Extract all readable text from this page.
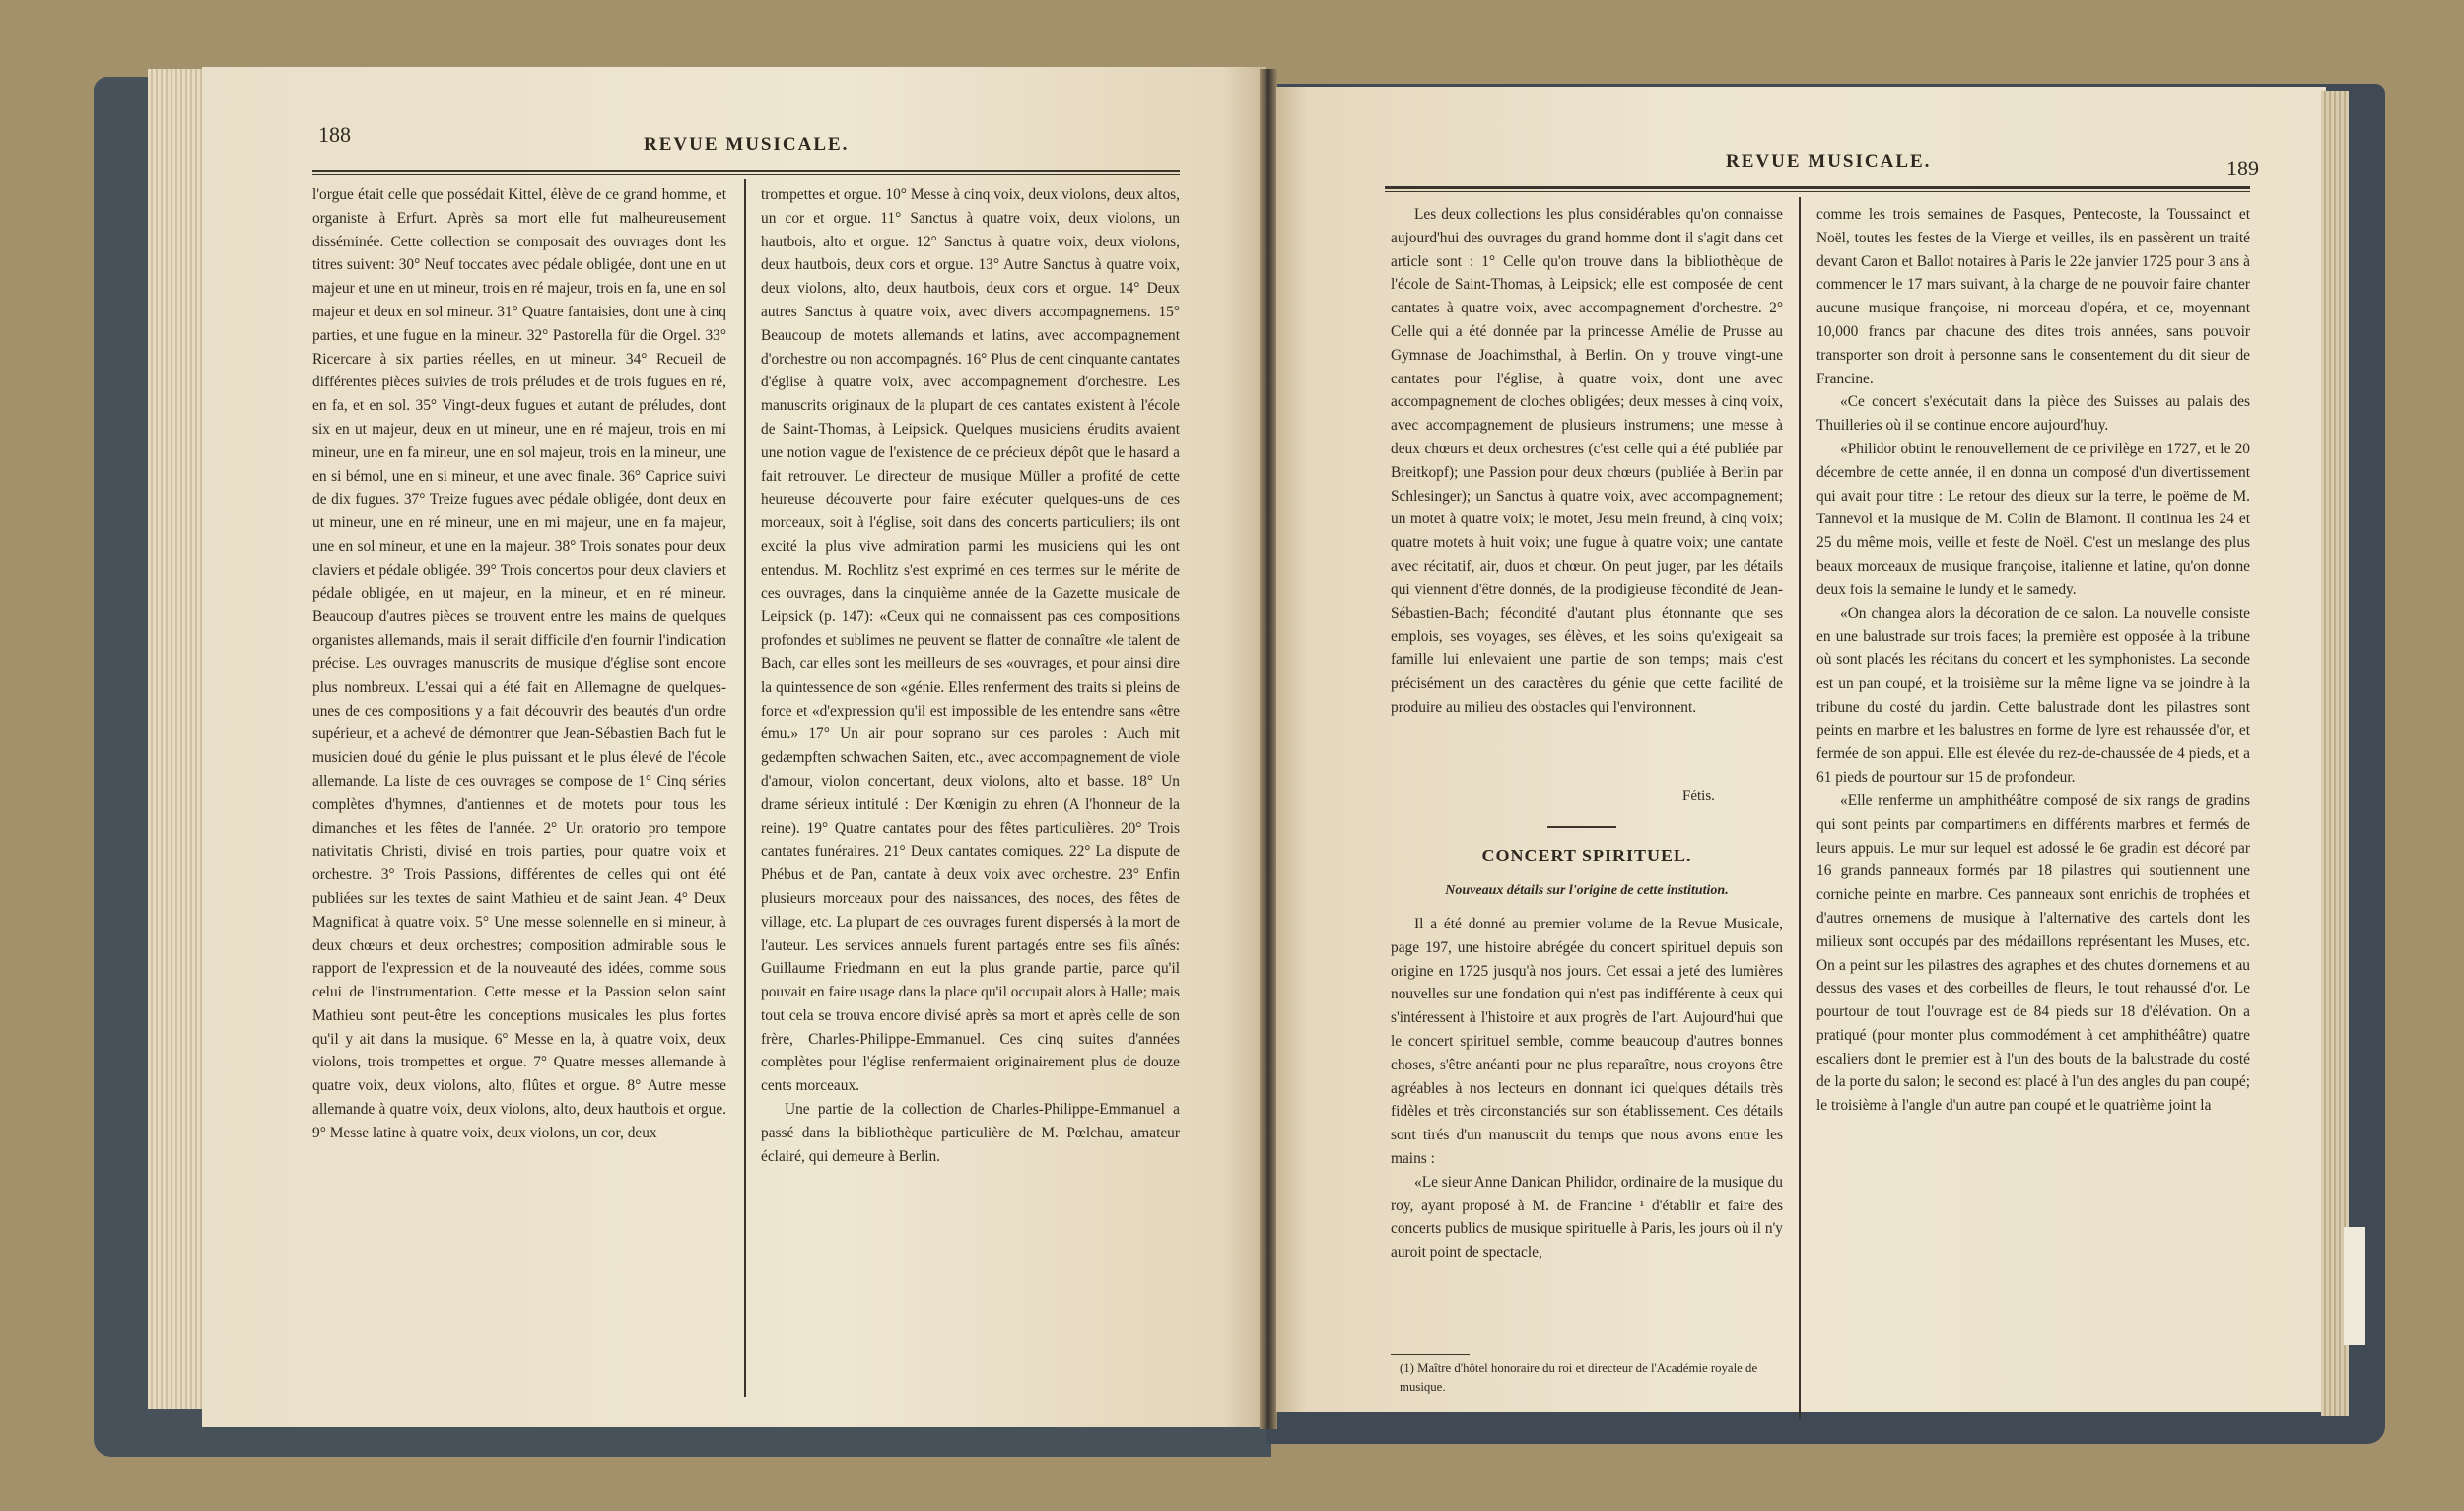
188	REVUE MUSICALE.

l'orgue était celle que possédait Kittel, élève de ce grand homme, et organiste à Erfurt. Après sa mort elle fut malheureusement disséminée. Cette collection se composait des ouvrages dont les titres suivent: 30° Neuf toccates avec pédale obligée, dont une en ut majeur et une en ut mineur, trois en ré majeur, trois en fa, une en sol majeur et deux en sol mineur. 31° Quatre fantaisies, dont une à cinq parties, et une fugue en la mineur. 32° Pastorella für die Orgel. 33° Ricercare à six parties réelles, en ut mineur. 34° Recueil de différentes pièces suivies de trois préludes et de trois fugues en ré, en fa, et en sol. 35° Vingt-deux fugues et autant de préludes, dont six en ut majeur, deux en ut mineur, une en ré majeur, trois en mi mineur, une en fa mineur, une en sol majeur, trois en la mineur, une en si bémol, une en si mineur, et une avec finale. 36° Caprice suivi de dix fugues. 37° Treize fugues avec pédale obligée, dont deux en ut mineur, une en ré mineur, une en mi majeur, une en fa majeur, une en sol mineur, et une en la majeur. 38° Trois sonates pour deux claviers et pédale obligée. 39° Trois concertos pour deux claviers et pédale obligée, en ut majeur, en la mineur, et en ré mineur. Beaucoup d'autres pièces se trouvent entre les mains de quelques organistes allemands, mais il serait difficile d'en fournir l'indication précise. Les ouvrages manuscrits de musique d'église sont encore plus nombreux. L'essai qui a été fait en Allemagne de quelques-unes de ces compositions y a fait découvrir des beautés d'un ordre supérieur, et a achevé de démontrer que Jean-Sébastien Bach fut le musicien doué du génie le plus puissant et le plus élevé de l'école allemande. La liste de ces ouvrages se compose de 1° Cinq séries complètes d'hymnes, d'antiennes et de motets pour tous les dimanches et les fêtes de l'année. 2° Un oratorio pro tempore nativitatis Christi, divisé en trois parties, pour quatre voix et orchestre. 3° Trois Passions, différentes de celles qui ont été publiées sur les textes de saint Mathieu et de saint Jean. 4° Deux Magnificat à quatre voix. 5° Une messe solennelle en si mineur, à deux chœurs et deux orchestres; composition admirable sous le rapport de l'expression et de la nouveauté des idées, comme sous celui de l'instrumentation. Cette messe et la Passion selon saint Mathieu sont peut-être les conceptions musicales les plus fortes qu'il y ait dans la musique. 6° Messe en la, à quatre voix, deux violons, trois trompettes et orgue. 7° Quatre messes allemande à quatre voix, deux violons, alto, flûtes et orgue. 8° Autre messe allemande à quatre voix, deux violons, alto, deux hautbois et orgue. 9° Messe latine à quatre voix, deux violons, un cor, deux

trompettes et orgue. 10° Messe à cinq voix, deux violons, deux altos, un cor et orgue. 11° Sanctus à quatre voix, deux violons, un hautbois, alto et orgue. 12° Sanctus à quatre voix, deux violons, deux hautbois, deux cors et orgue. 13° Autre Sanctus à quatre voix, deux violons, alto, deux hautbois, deux cors et orgue. 14° Deux autres Sanctus à quatre voix, avec divers accompagnemens. 15° Beaucoup de motets allemands et latins, avec accompagnement d'orchestre ou non accompagnés. 16° Plus de cent cinquante cantates d'église à quatre voix, avec accompagnement d'orchestre. Les manuscrits originaux de la plupart de ces cantates existent à l'école de Saint-Thomas, à Leipsick. Quelques musiciens érudits avaient une notion vague de l'existence de ce précieux dépôt que le hasard a fait retrouver. Le directeur de musique Müller a profité de cette heureuse découverte pour faire exécuter quelques-uns de ces morceaux, soit à l'église, soit dans des concerts particuliers; ils ont excité la plus vive admiration parmi les musiciens qui les ont entendus. M. Rochlitz s'est exprimé en ces termes sur le mérite de ces ouvrages, dans la cinquième année de la Gazette musicale de Leipsick (p. 147): «Ceux qui ne connaissent pas ces compositions profondes et sublimes ne peuvent se flatter de connaître «le talent de Bach, car elles sont les meilleurs de ses «ouvrages, et pour ainsi dire la quintessence de son «génie. Elles renferment des traits si pleins de force et «d'expression qu'il est impossible de les entendre sans «être ému.» 17° Un air pour soprano sur ces paroles : Auch mit gedæmpften schwachen Saiten, etc., avec accompagnement de viole d'amour, violon concertant, deux violons, alto et basse. 18° Un drame sérieux intitulé : Der Kœnigin zu ehren (A l'honneur de la reine). 19° Quatre cantates pour des fêtes particulières. 20° Trois cantates funéraires. 21° Deux cantates comiques. 22° La dispute de Phébus et de Pan, cantate à deux voix avec orchestre. 23° Enfin plusieurs morceaux pour des naissances, des noces, des fêtes de village, etc. La plupart de ces ouvrages furent dispersés à la mort de l'auteur. Les services annuels furent partagés entre ses fils aînés: Guillaume Friedmann en eut la plus grande partie, parce qu'il pouvait en faire usage dans la place qu'il occupait alors à Halle; mais tout cela se trouva encore divisé après sa mort et après celle de son frère, Charles-Philippe-Emmanuel. Ces cinq suites d'années complètes pour l'église renfermaient originairement plus de douze cents morceaux.

Une partie de la collection de Charles-Philippe-Emmanuel a passé dans la bibliothèque particulière de M. Pœlchau, amateur éclairé, qui demeure à Berlin.

REVUE MUSICALE.	189

Les deux collections les plus considérables qu'on connaisse aujourd'hui des ouvrages du grand homme dont il s'agit dans cet article sont : 1° Celle qu'on trouve dans la bibliothèque de l'école de Saint-Thomas, à Leipsick; elle est composée de cent cantates à quatre voix, avec accompagnement d'orchestre. 2° Celle qui a été donnée par la princesse Amélie de Prusse au Gymnase de Joachimsthal, à Berlin. On y trouve vingt-une cantates pour l'église, à quatre voix, dont une avec accompagnement de cloches obligées; deux messes à cinq voix, avec accompagnement de plusieurs instrumens; une messe à deux chœurs et deux orchestres (c'est celle qui a été publiée par Breitkopf); une Passion pour deux chœurs (publiée à Berlin par Schlesinger); un Sanctus à quatre voix, avec accompagnement; un motet à quatre voix; le motet, Jesu mein freund, à cinq voix; quatre motets à huit voix; une fugue à quatre voix; une cantate avec récitatif, air, duos et chœur. On peut juger, par les détails qui viennent d'être donnés, de la prodigieuse fécondité de Jean-Sébastien-Bach; fécondité d'autant plus étonnante que ses emplois, ses voyages, ses élèves, et les soins qu'exigeait sa famille lui enlevaient une partie de son temps; mais c'est précisément un des caractères du génie que cette facilité de produire au milieu des obstacles qui l'environnent.

Fétis.
CONCERT SPIRITUEL.
Nouveaux détails sur l'origine de cette institution.

Il a été donné au premier volume de la Revue Musicale, page 197, une histoire abrégée du concert spirituel depuis son origine en 1725 jusqu'à nos jours. Cet essai a jeté des lumières nouvelles sur une fondation qui n'est pas indifférente à ceux qui s'intéressent à l'histoire et aux progrès de l'art. Aujourd'hui que le concert spirituel semble, comme beaucoup d'autres bonnes choses, s'être anéanti pour ne plus reparaître, nous croyons être agréables à nos lecteurs en donnant ici quelques détails très fidèles et très circonstanciés sur son établissement. Ces détails sont tirés d'un manuscrit du temps que nous avons entre les mains :

«Le sieur Anne Danican Philidor, ordinaire de la musique du roy, ayant proposé à M. de Francine ¹ d'établir et faire des concerts publics de musique spirituelle à Paris, les jours où il n'y auroit point de spectacle,

(1) Maître d'hôtel honoraire du roi et directeur de l'Académie royale de musique.

comme les trois semaines de Pasques, Pentecoste, la Toussainct et Noël, toutes les festes de la Vierge et veilles, ils en passèrent un traité devant Caron et Ballot notaires à Paris le 22e janvier 1725 pour 3 ans à commencer le 17 mars suivant, à la charge de ne pouvoir faire chanter aucune musique françoise, ni morceau d'opéra, et ce, moyennant 10,000 francs par chacune des dites trois années, sans pouvoir transporter son droit à personne sans le consentement du dit sieur de Francine.

«Ce concert s'exécutait dans la pièce des Suisses au palais des Thuilleries où il se continue encore aujourd'huy.

«Philidor obtint le renouvellement de ce privilège en 1727, et le 20 décembre de cette année, il en donna un composé d'un divertissement qui avait pour titre : Le retour des dieux sur la terre, le poëme de M. Tannevol et la musique de M. Colin de Blamont. Il continua les 24 et 25 du même mois, veille et feste de Noël. C'est un meslange des plus beaux morceaux de musique françoise, italienne et latine, qu'on donne deux fois la semaine le lundy et le samedy.

«On changea alors la décoration de ce salon. La nouvelle consiste en une balustrade sur trois faces; la première est opposée à la tribune où sont placés les récitans du concert et les symphonistes. La seconde est un pan coupé, et la troisième sur la même ligne va se joindre à la tribune du costé du jardin. Cette balustrade dont les pilastres sont peints en marbre et les balustres en forme de lyre est rehaussée d'or, et fermée de son appui. Elle est élevée du rez-de-chaussée de 4 pieds, et a 61 pieds de pourtour sur 15 de profondeur.

«Elle renferme un amphithéâtre composé de six rangs de gradins qui sont peints par compartimens en différents marbres et fermés de leurs appuis. Le mur sur lequel est adossé le 6e gradin est décoré par 16 grands panneaux formés par 18 pilastres qui soutiennent une corniche peinte en marbre. Ces panneaux sont enrichis de trophées et d'autres ornemens de musique à l'alternative des cartels dont les milieux sont occupés par des médaillons représentant les Muses, etc. On a peint sur les pilastres des agraphes et des chutes d'ornemens et au dessus des vases et des corbeilles de fleurs, le tout rehaussé d'or. Le pourtour de tout l'ouvrage est de 84 pieds sur 18 d'élévation. On a pratiqué (pour monter plus commodément à cet amphithéâtre) quatre escaliers dont le premier est à l'un des bouts de la balustrade du costé de la porte du salon; le second est placé à l'un des angles du pan coupé; le troisième à l'angle d'un autre pan coupé et le quatrième joint la
